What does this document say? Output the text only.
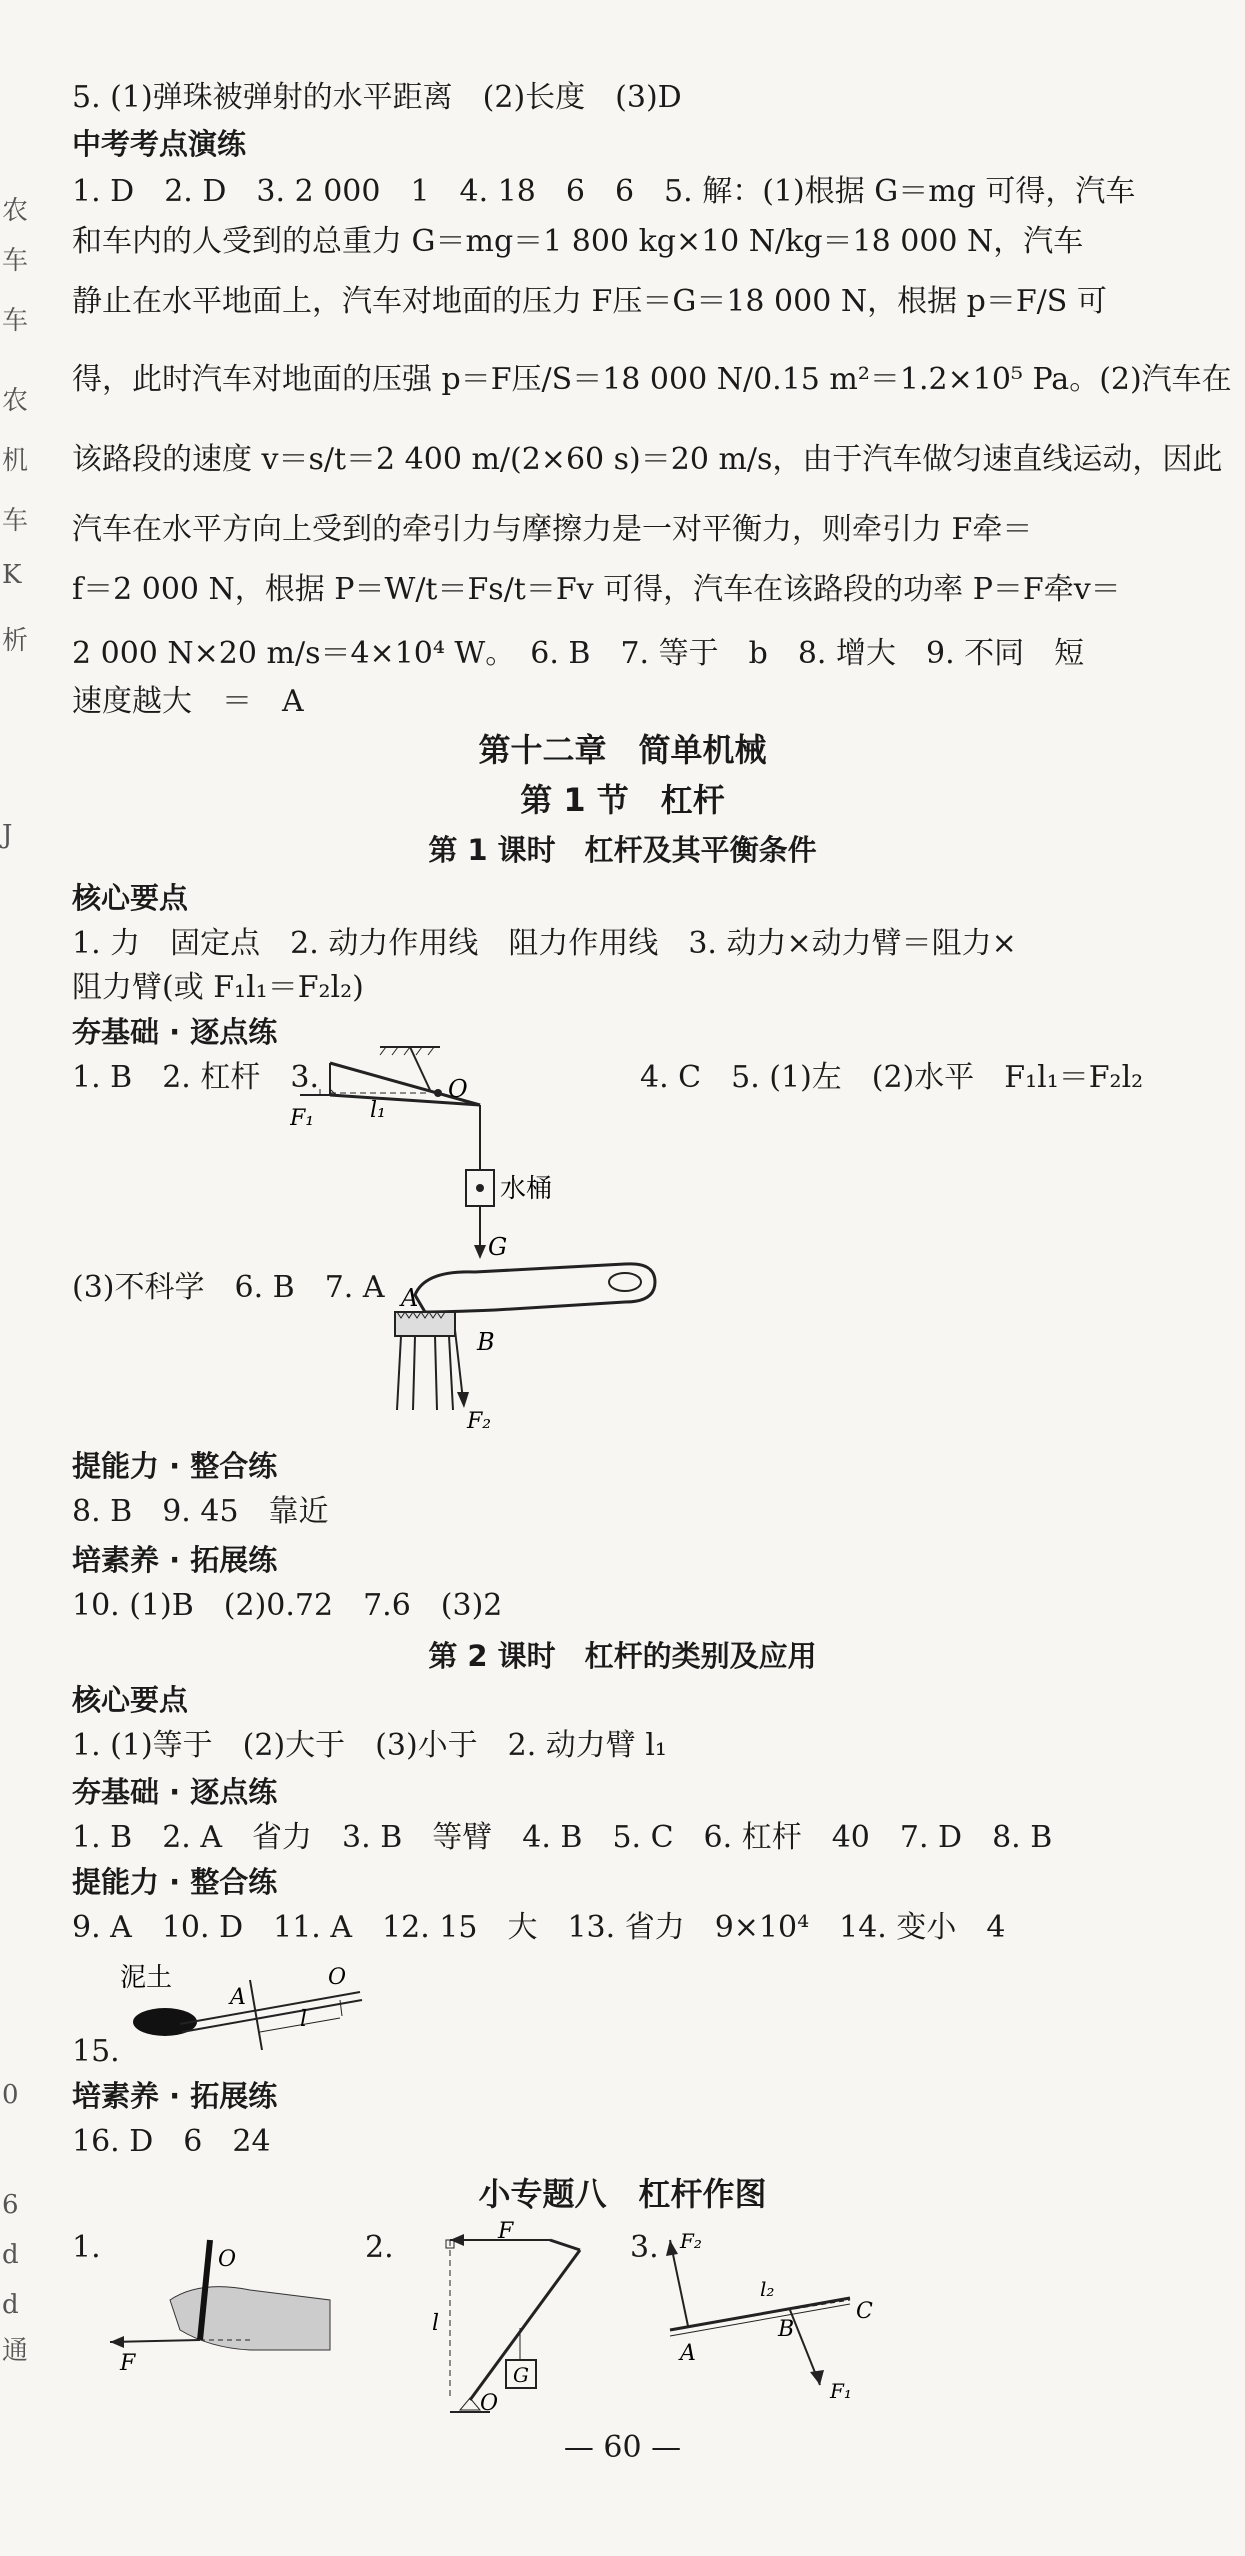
农
车
车
农
机
车
K
析
J
0
6
d
d
通
5. (1)弹珠被弹射的水平距离　(2)长度　(3)D
中考考点演练
1. D　2. D　3. 2 000　1　4. 18　6　6　5. 解：(1)根据 G＝mg 可得，汽车
和车内的人受到的总重力 G＝mg＝1 800 kg×10 N/kg＝18 000 N，汽车
静止在水平地面上，汽车对地面的压力 F压＝G＝18 000 N，根据 p＝F/S 可
得，此时汽车对地面的压强 p＝F压/S＝18 000 N/0.15 m²＝1.2×10⁵ Pa。(2)汽车在
该路段的速度 v＝s/t＝2 400 m/(2×60 s)＝20 m/s，由于汽车做匀速直线运动，因此
汽车在水平方向上受到的牵引力与摩擦力是一对平衡力，则牵引力 F牵＝
f＝2 000 N，根据 P＝W/t＝Fs/t＝Fv 可得，汽车在该路段的功率 P＝F牵v＝
2 000 N×20 m/s＝4×10⁴ W。　6. B　7. 等于　b　8. 增大　9. 不同　短
速度越大　＝　A
第十二章　简单机械
第 1 节　杠杆
第 1 课时　杠杆及其平衡条件
核心要点
1. 力　固定点　2. 动力作用线　阻力作用线　3. 动力×动力臂＝阻力×
阻力臂(或 F₁l₁＝F₂l₂)
夯基础 · 逐点练
1. B　2. 杠杆　3.	4. C　5. (1)左　(2)水平　F₁l₁＝F₂l₂
O
F₁	l₁
水桶
G
(3)不科学　6. B　7. A A
B
F₂
提能力 · 整合练
8. B　9. 45　靠近
培素养 · 拓展练
10. (1)B　(2)0.72　7.6　(3)2
第 2 课时　杠杆的类别及应用
核心要点
1. (1)等于　(2)大于　(3)小于　2. 动力臂 l₁
夯基础 · 逐点练
1. B　2. A　省力　3. B　等臂　4. B　5. C　6. 杠杆　40　7. D　8. B
提能力 · 整合练
9. A　10. D　11. A　12. 15　大　13. 省力　9×10⁴　14. 变小　4
泥土
A
O
l
15.
培素养 · 拓展练
16. D　6　24
小专题八　杠杆作图
1.	2.	3.
O
F
F
l
O
G
F₂
l₂
A
B
C
F₁
— 60 —
